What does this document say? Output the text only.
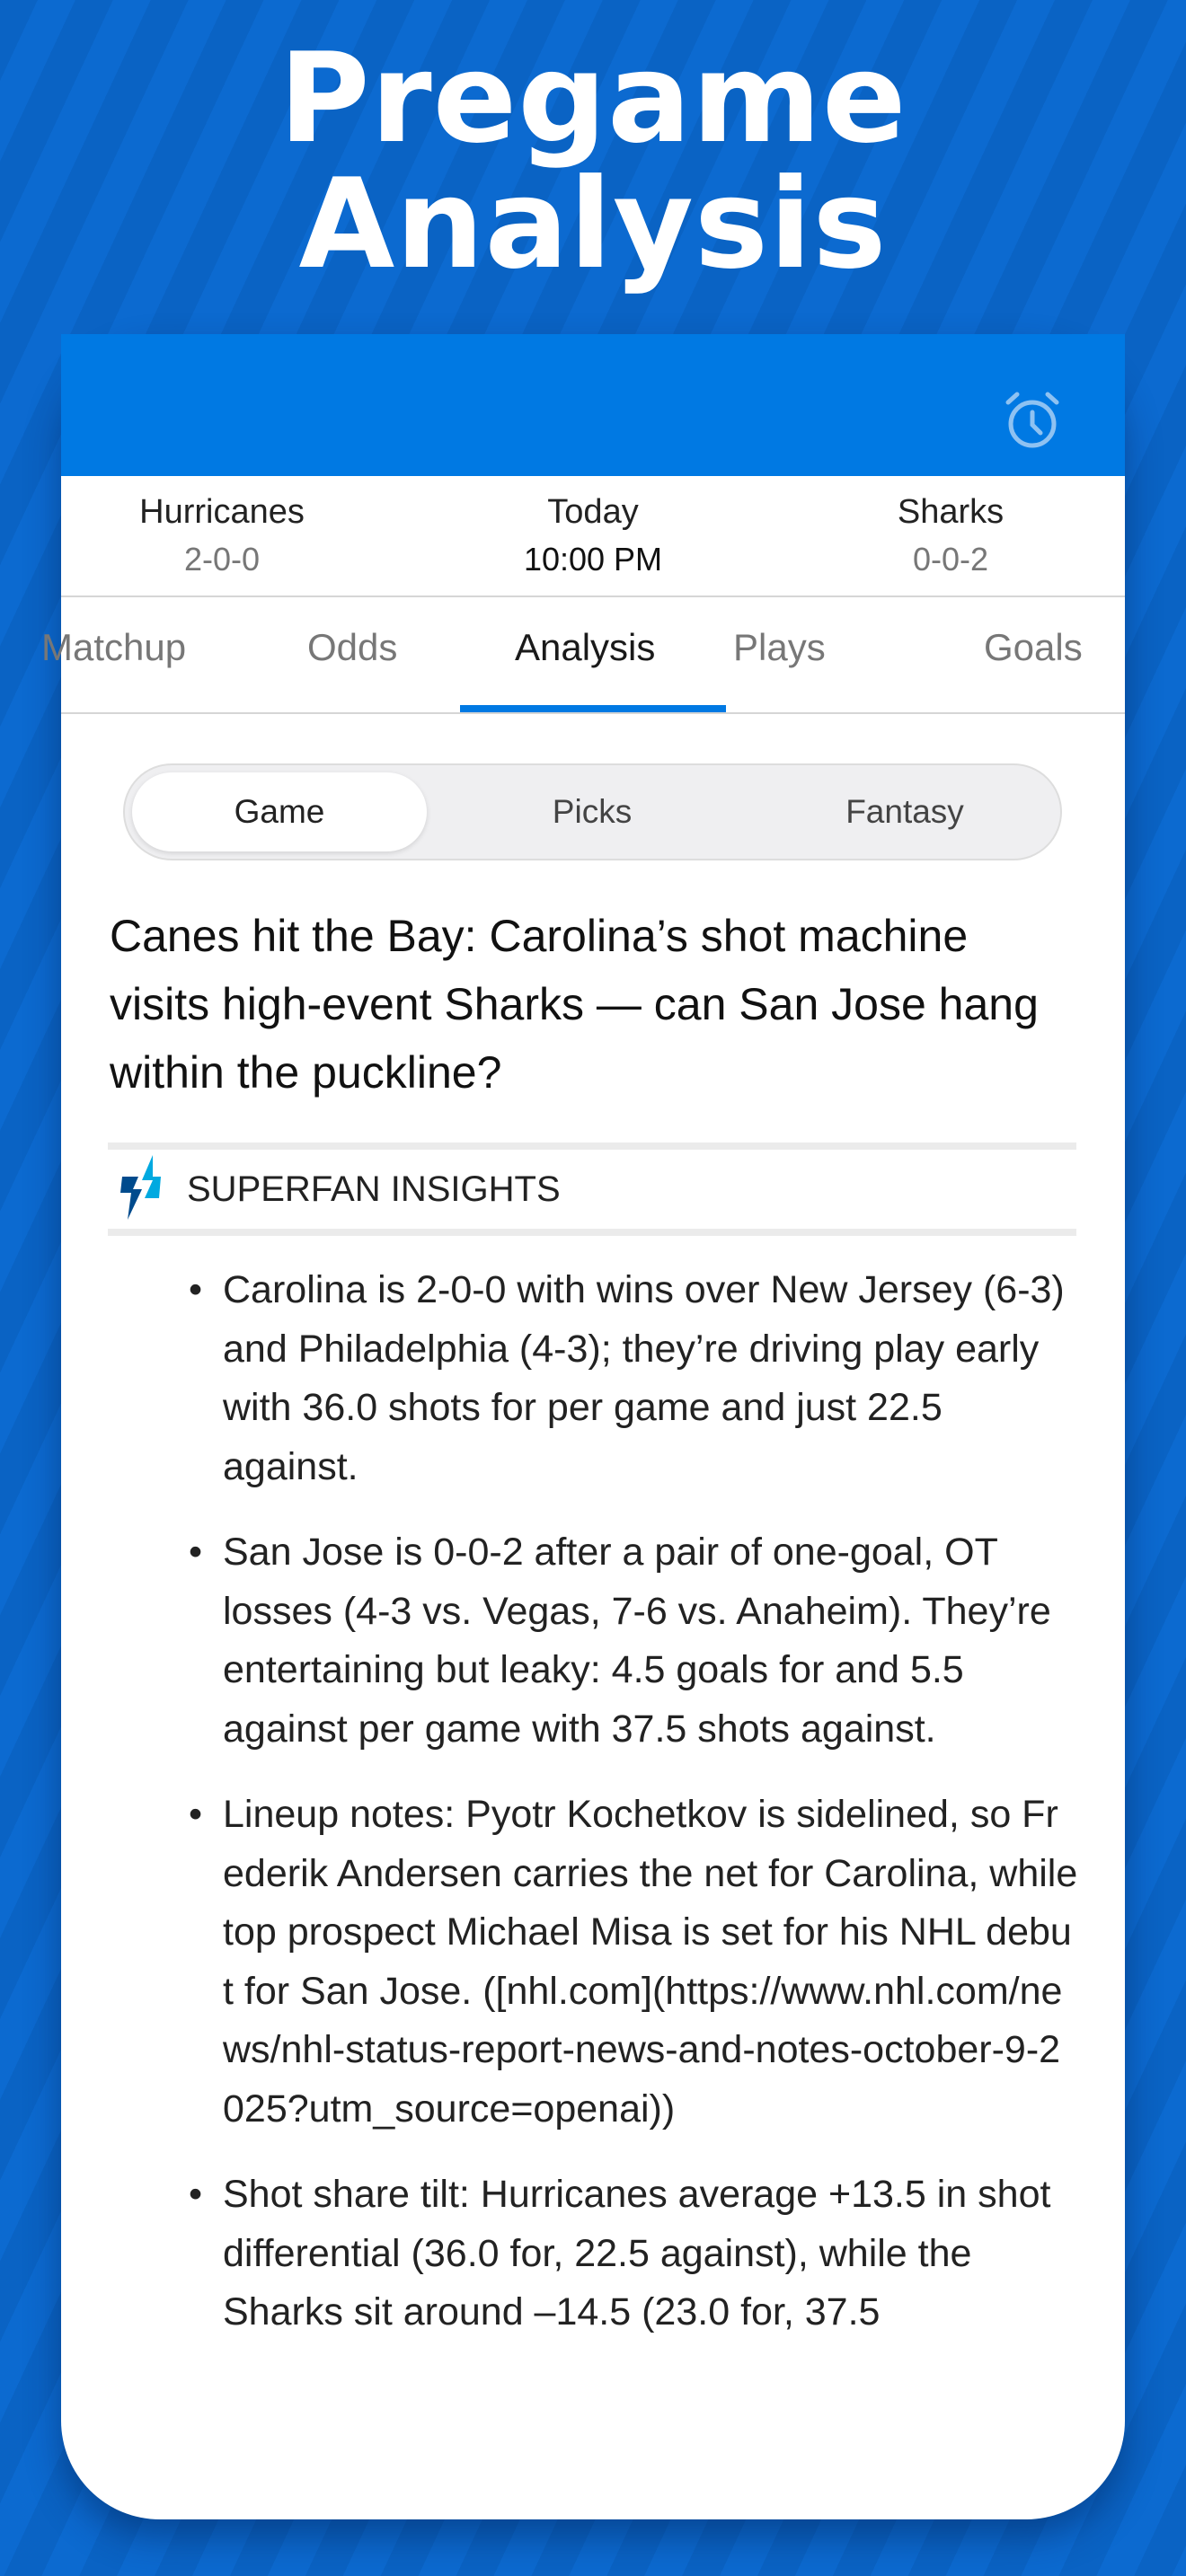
Pregame
Analysis
Hurricanes
2-0-0
Today
10:00 PM
Sharks
0-0-2
Matchup	Odds	Analysis Plays	Goals
Game	Picks	Fantasy
Canes hit the Bay: Carolina’s shot machine visits high-event Sharks — can San Jose hang within the puckline?
SUPERFAN INSIGHTS
• Carolina is 2-0-0 with wins over New Jersey (6-3) and Philadelphia (4-3); they’re driving play early with 36.0 shots for per game and just 22.5 against.
• San Jose is 0-0-2 after a pair of one-goal, OT losses (4-3 vs. Vegas, 7-6 vs. Anaheim). They’re entertaining but leaky: 4.5 goals for and 5.5 against per game with 37.5 shots against.
• Lineup notes: Pyotr Kochetkov is sidelined, so Frederik Andersen carries the net for Carolina, while top prospect Michael Misa is set for his NHL debut for San Jose. ([nhl.com](https://www.nhl.com/news/nhl-status-report-news-and-notes-october-9-2025?utm_source=openai))
• Shot share tilt: Hurricanes average +13.5 in shot differential (36.0 for, 22.5 against), while the Sharks sit around –14.5 (23.0 for, 37.5
